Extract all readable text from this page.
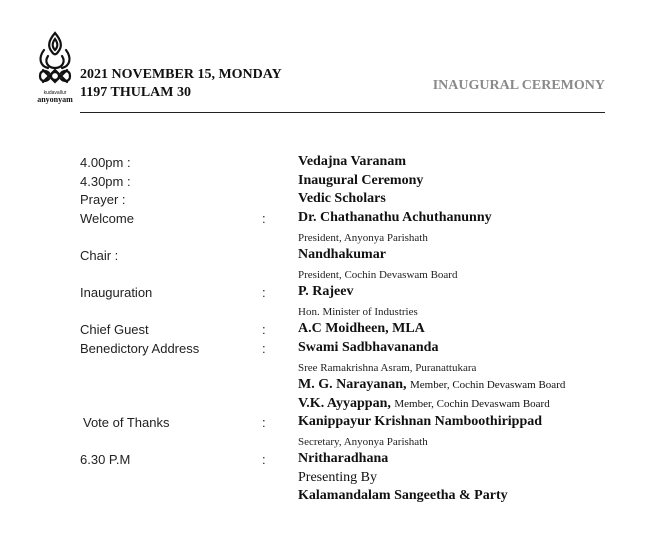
kudavallur
anyonyam
2021 NOVEMBER 15, MONDAY
1197 THULAM 30	INAUGURAL CEREMONY
4.00pm :	Vedajna Varanam
4.30pm :	Inaugural Ceremony
Prayer :	Vedic Scholars
Welcome	: Dr. Chathanathu Achuthanunny
President, Anyonya Parishath
Chair :	Nandhakumar
President, Cochin Devaswam Board
Inauguration	: P. Rajeev
Hon. Minister of Industries
Chief Guest	: A.C Moidheen, MLA
Benedictory Address	: Swami Sadbhavananda
Sree Ramakrishna Asram, Puranattukara
M. G. Narayanan, Member, Cochin Devaswam Board
V.K. Ayyappan, Member, Cochin Devaswam Board
Vote of Thanks	: Kanippayur Krishnan Namboothirippad
Secretary, Anyonya Parishath
6.30 P.M	: Nritharadhana
Presenting By
Kalamandalam Sangeetha & Party
